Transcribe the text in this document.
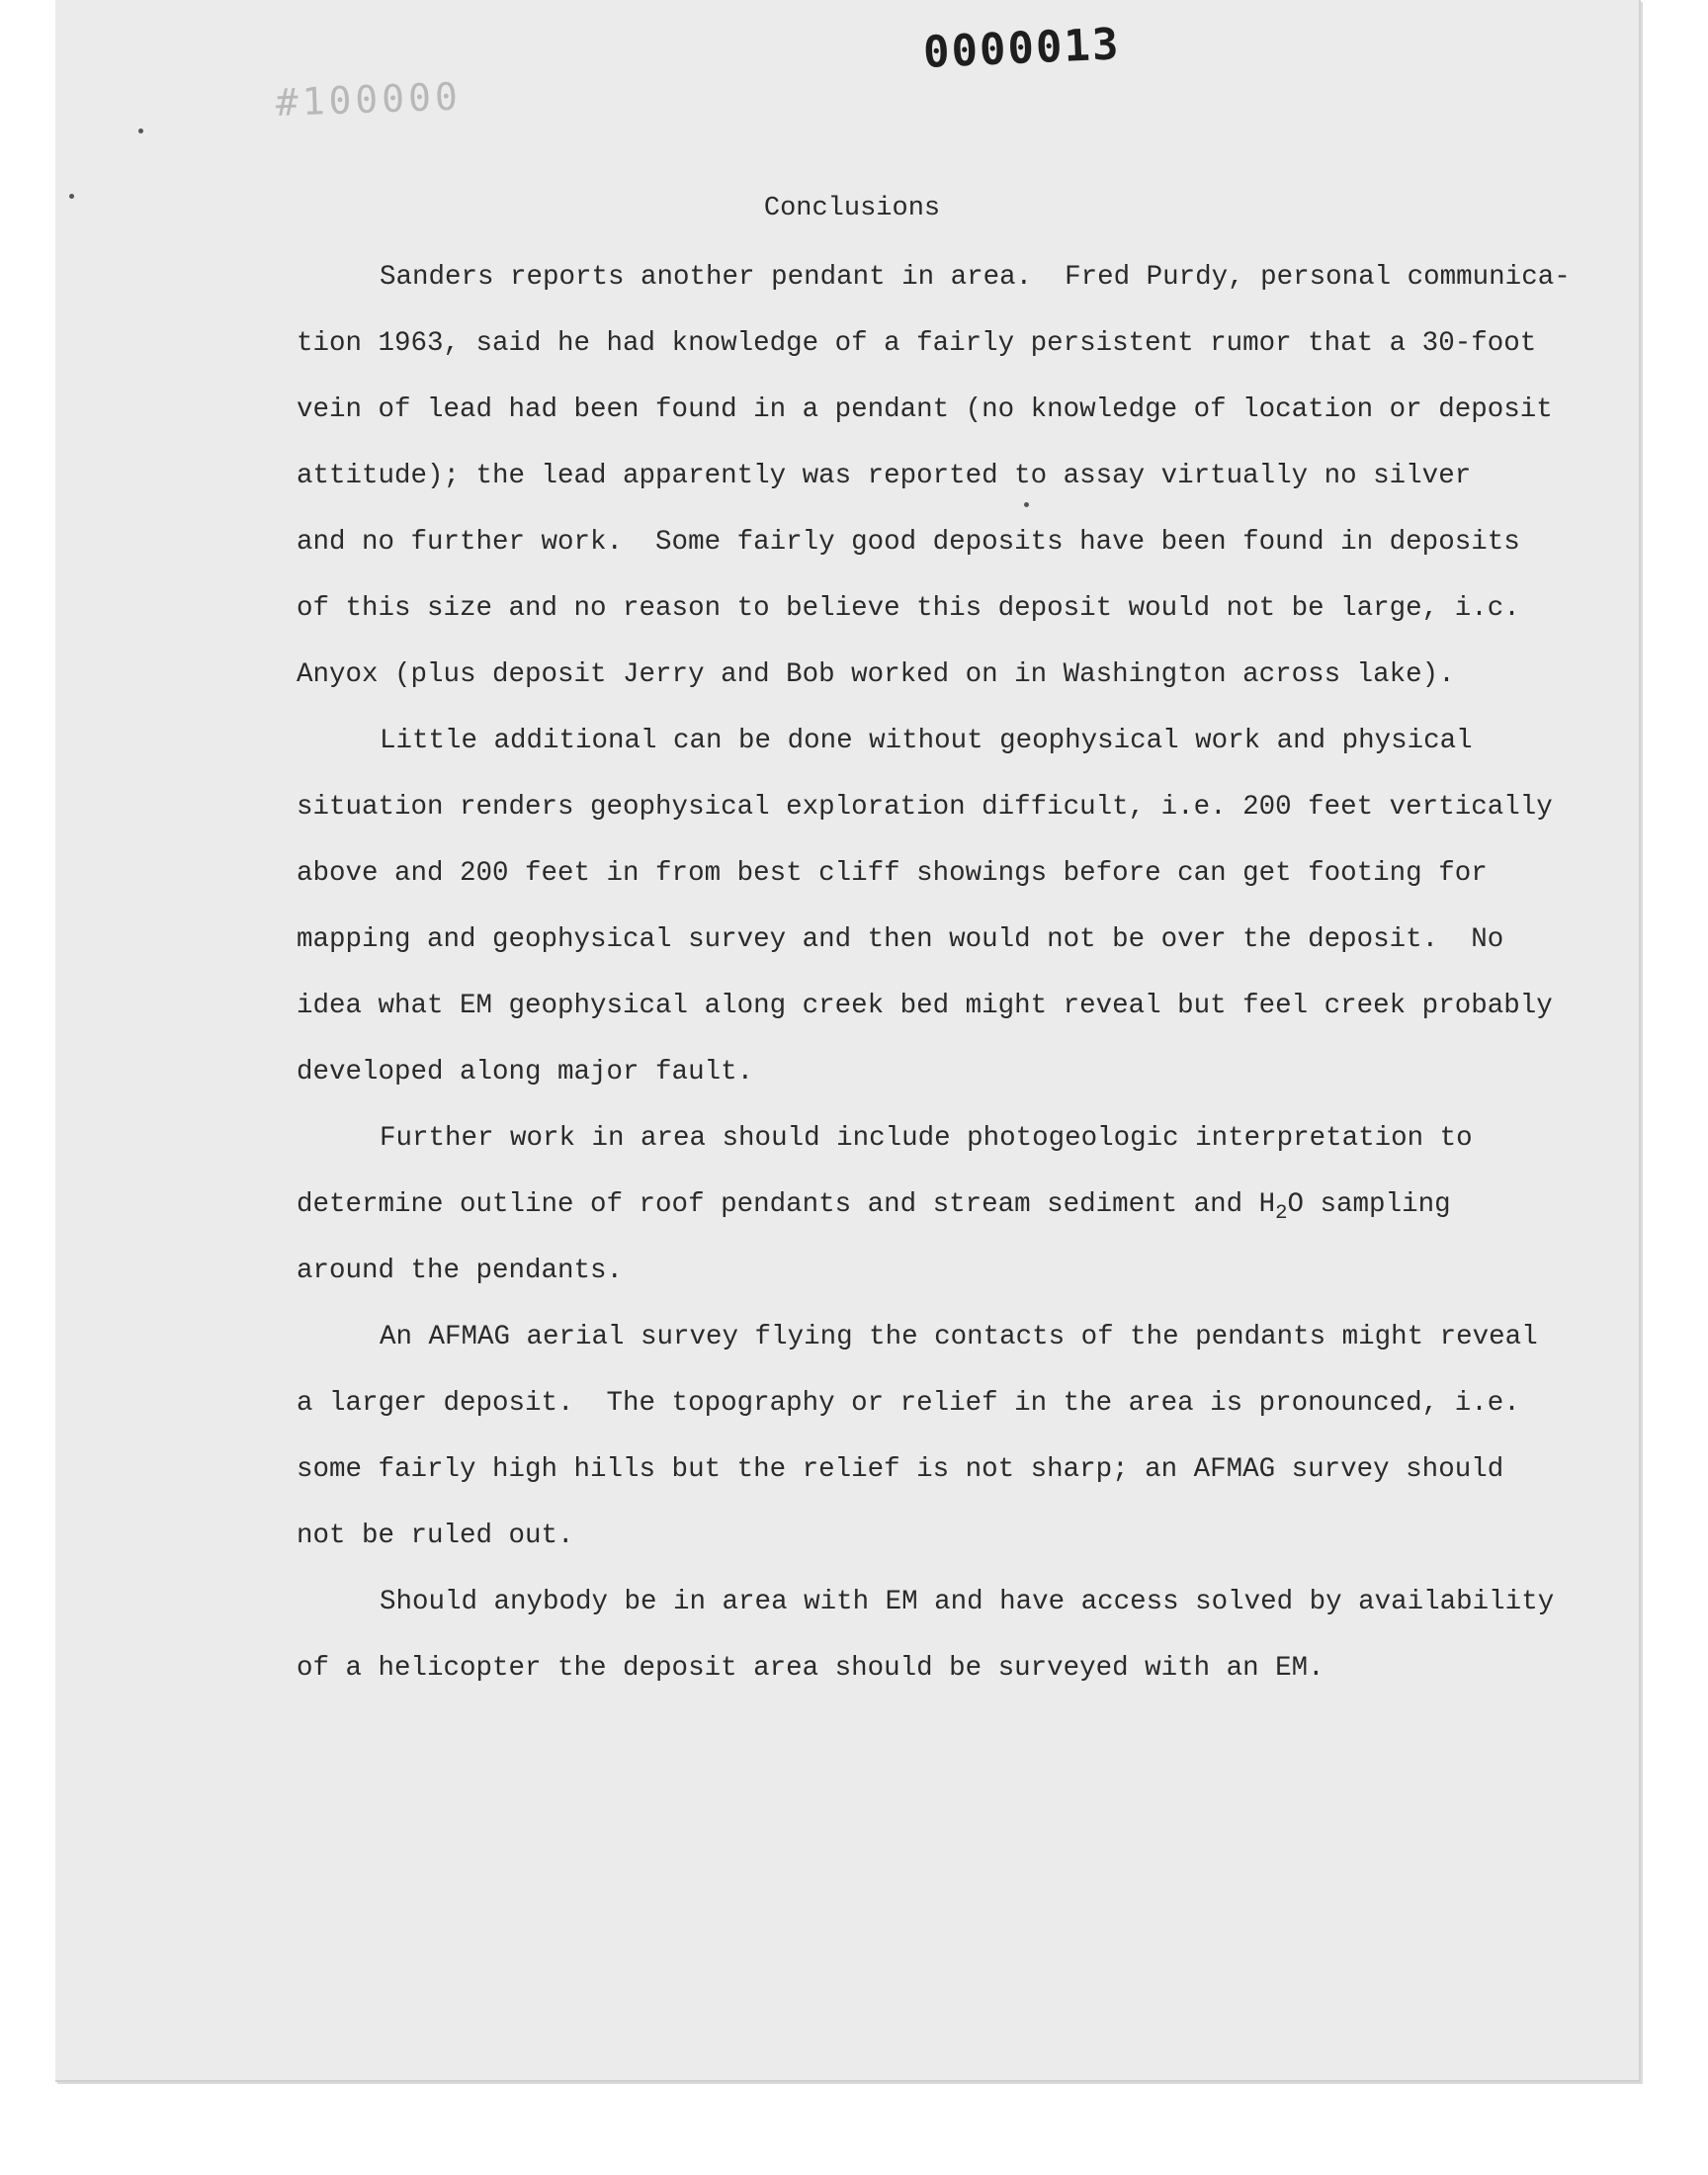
0000013
#100000
Conclusions
Sanders reports another pendant in area.  Fred Purdy, personal communica-
tion 1963, said he had knowledge of a fairly persistent rumor that a 30-foot
vein of lead had been found in a pendant (no knowledge of location or deposit
attitude); the lead apparently was reported to assay virtually no silver
and no further work.  Some fairly good deposits have been found in deposits
of this size and no reason to believe this deposit would not be large, i.c.
Anyox (plus deposit Jerry and Bob worked on in Washington across lake).
Little additional can be done without geophysical work and physical
situation renders geophysical exploration difficult, i.e. 200 feet vertically
above and 200 feet in from best cliff showings before can get footing for
mapping and geophysical survey and then would not be over the deposit.  No
idea what EM geophysical along creek bed might reveal but feel creek probably
developed along major fault.
Further work in area should include photogeologic interpretation to
determine outline of roof pendants and stream sediment and $H_2O$ sampling
around the pendants.
An AFMAG aerial survey flying the contacts of the pendants might reveal
a larger deposit.  The topography or relief in the area is pronounced, i.e.
some fairly high hills but the relief is not sharp; an AFMAG survey should
not be ruled out.
Should anybody be in area with EM and have access solved by availability
of a helicopter the deposit area should be surveyed with an EM.
